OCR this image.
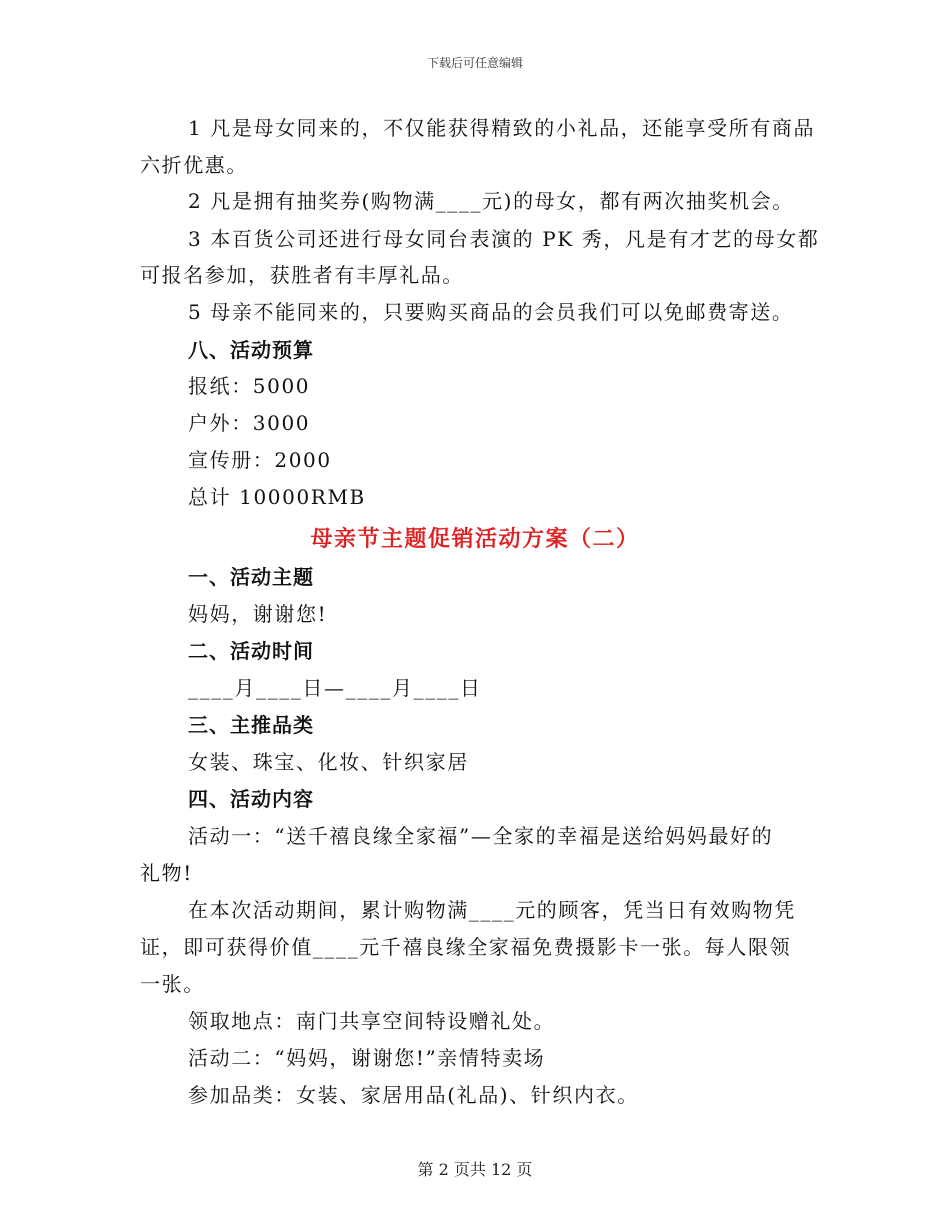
下载后可任意编辑
1 凡是母女同来的，不仅能获得精致的小礼品，还能享受所有商品
六折优惠。
2 凡是拥有抽奖券(购物满____元)的母女，都有两次抽奖机会。
3 本百货公司还进行母女同台表演的 PK 秀，凡是有才艺的母女都
可报名参加，获胜者有丰厚礼品。
5 母亲不能同来的，只要购买商品的会员我们可以免邮费寄送。
八、活动预算
报纸：5000
户外：3000
宣传册：2000
总计 10000RMB
母亲节主题促销活动方案（二）
一、活动主题
妈妈，谢谢您!
二、活动时间
____月____日—____月____日
三、主推品类
女装、珠宝、化妆、针织家居
四、活动内容
活动一：“送千禧良缘全家福”—全家的幸福是送给妈妈最好的
礼物!
在本次活动期间，累计购物满____元的顾客，凭当日有效购物凭
证，即可获得价值____元千禧良缘全家福免费摄影卡一张。每人限领
一张。
领取地点：南门共享空间特设赠礼处。
活动二：“妈妈，谢谢您!”亲情特卖场
参加品类：女装、家居用品(礼品)、针织内衣。
第 2 页共 12 页
